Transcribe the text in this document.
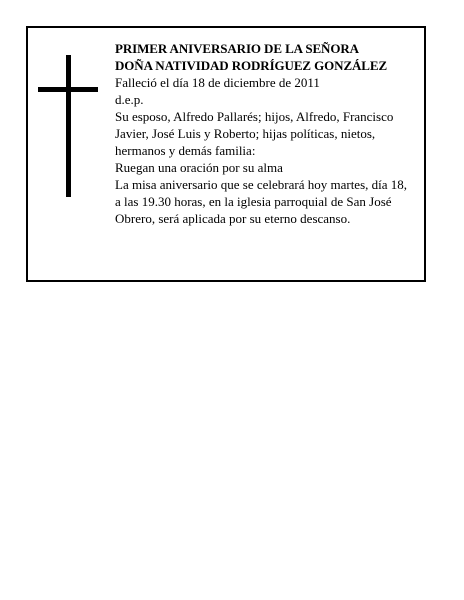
PRIMER ANIVERSARIO DE LA SEÑORA
DOÑA NATIVIDAD RODRÍGUEZ GONZÁLEZ

Falleció el día 18 de diciembre de 2011

d.e.p.

Su esposo, Alfredo Pallarés; hijos, Alfredo, Francisco Javier, José Luis y Roberto; hijas políticas, nietos, hermanos y demás familia:

Ruegan una oración por su alma

La misa aniversario que se celebrará hoy martes, día 18, a las 19.30 horas, en la iglesia parroquial de San José Obrero, será aplicada por su eterno descanso.
